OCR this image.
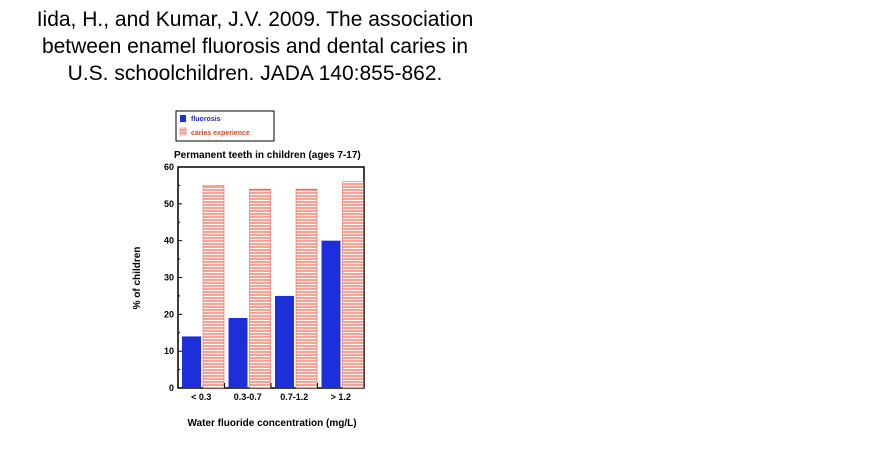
Iida, H., and Kumar, J.V. 2009. The association
between enamel fluorosis and dental caries in
U.S. schoolchildren. JADA 140:855-862.
fluorosis
caries experience
Permanent teeth in children (ages 7-17)
% of children
Water fluoride concentration (mg/L)
0
10
20
30
40
50
60
< 0.3 0.3-0.7 0.7-1.2 > 1.2
